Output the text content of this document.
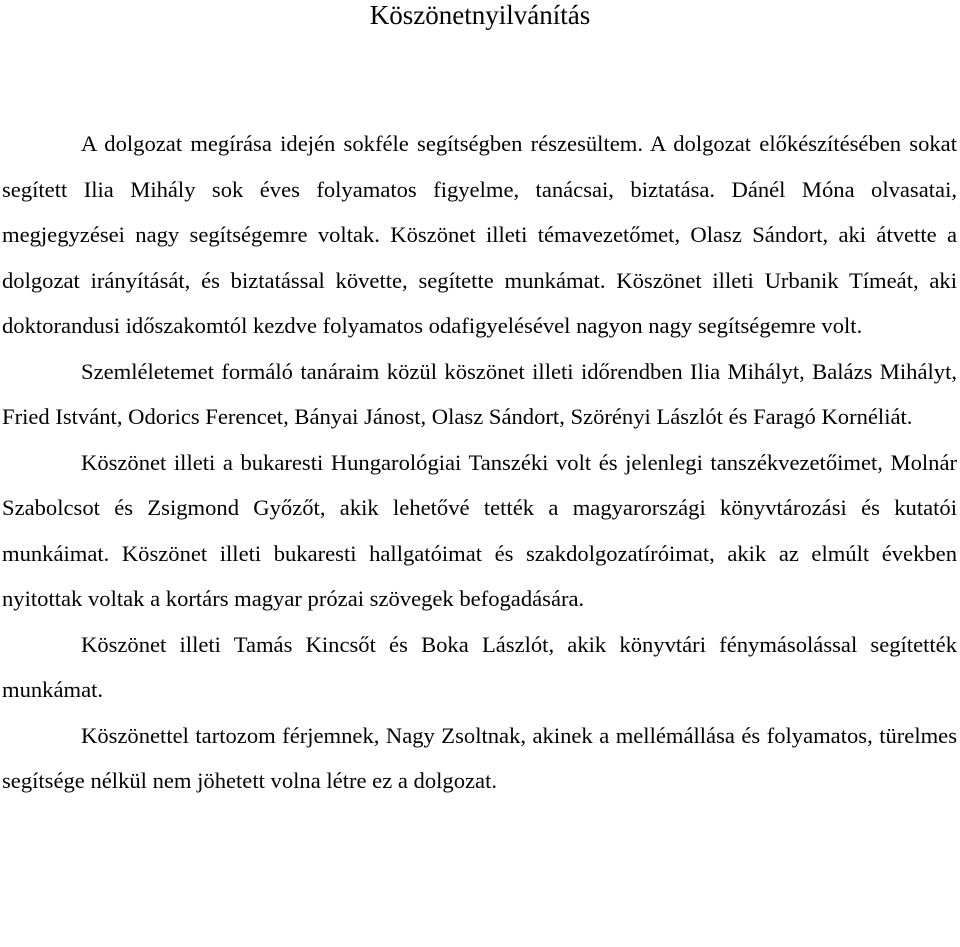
Köszönetnyilvánítás

A dolgozat megírása idején sokféle segítségben részesültem. A dolgozat előkészítésében sokat segített Ilia Mihály sok éves folyamatos figyelme, tanácsai, biztatása. Dánél Móna olvasatai, megjegyzései nagy segítségemre voltak. Köszönet illeti témavezetőmet, Olasz Sándort, aki átvette a dolgozat irányítását, és biztatással követte, segítette munkámat. Köszönet illeti Urbanik Tímeát, aki doktorandusi időszakomtól kezdve folyamatos odafigyelésével nagyon nagy segítségemre volt.

Szemléletemet formáló tanáraim közül köszönet illeti időrendben Ilia Mihályt, Balázs Mihályt, Fried Istvánt, Odorics Ferencet, Bányai Jánost, Olasz Sándort, Szörényi Lászlót és Faragó Kornéliát.

Köszönet illeti a bukaresti Hungarológiai Tanszéki volt és jelenlegi tanszékvezetőimet, Molnár Szabolcsot és Zsigmond Győzőt, akik lehetővé tették a magyarországi könyvtározási és kutatói munkáimat. Köszönet illeti bukaresti hallgatóimat és szakdolgozatíróimat, akik az elmúlt években nyitottak voltak a kortárs magyar prózai szövegek befogadására.

Köszönet illeti Tamás Kincsőt és Boka Lászlót, akik könyvtári fénymásolással segítették munkámat.

Köszönettel tartozom férjemnek, Nagy Zsoltnak, akinek a mellémállása és folyamatos, türelmes segítsége nélkül nem jöhetett volna létre ez a dolgozat.
